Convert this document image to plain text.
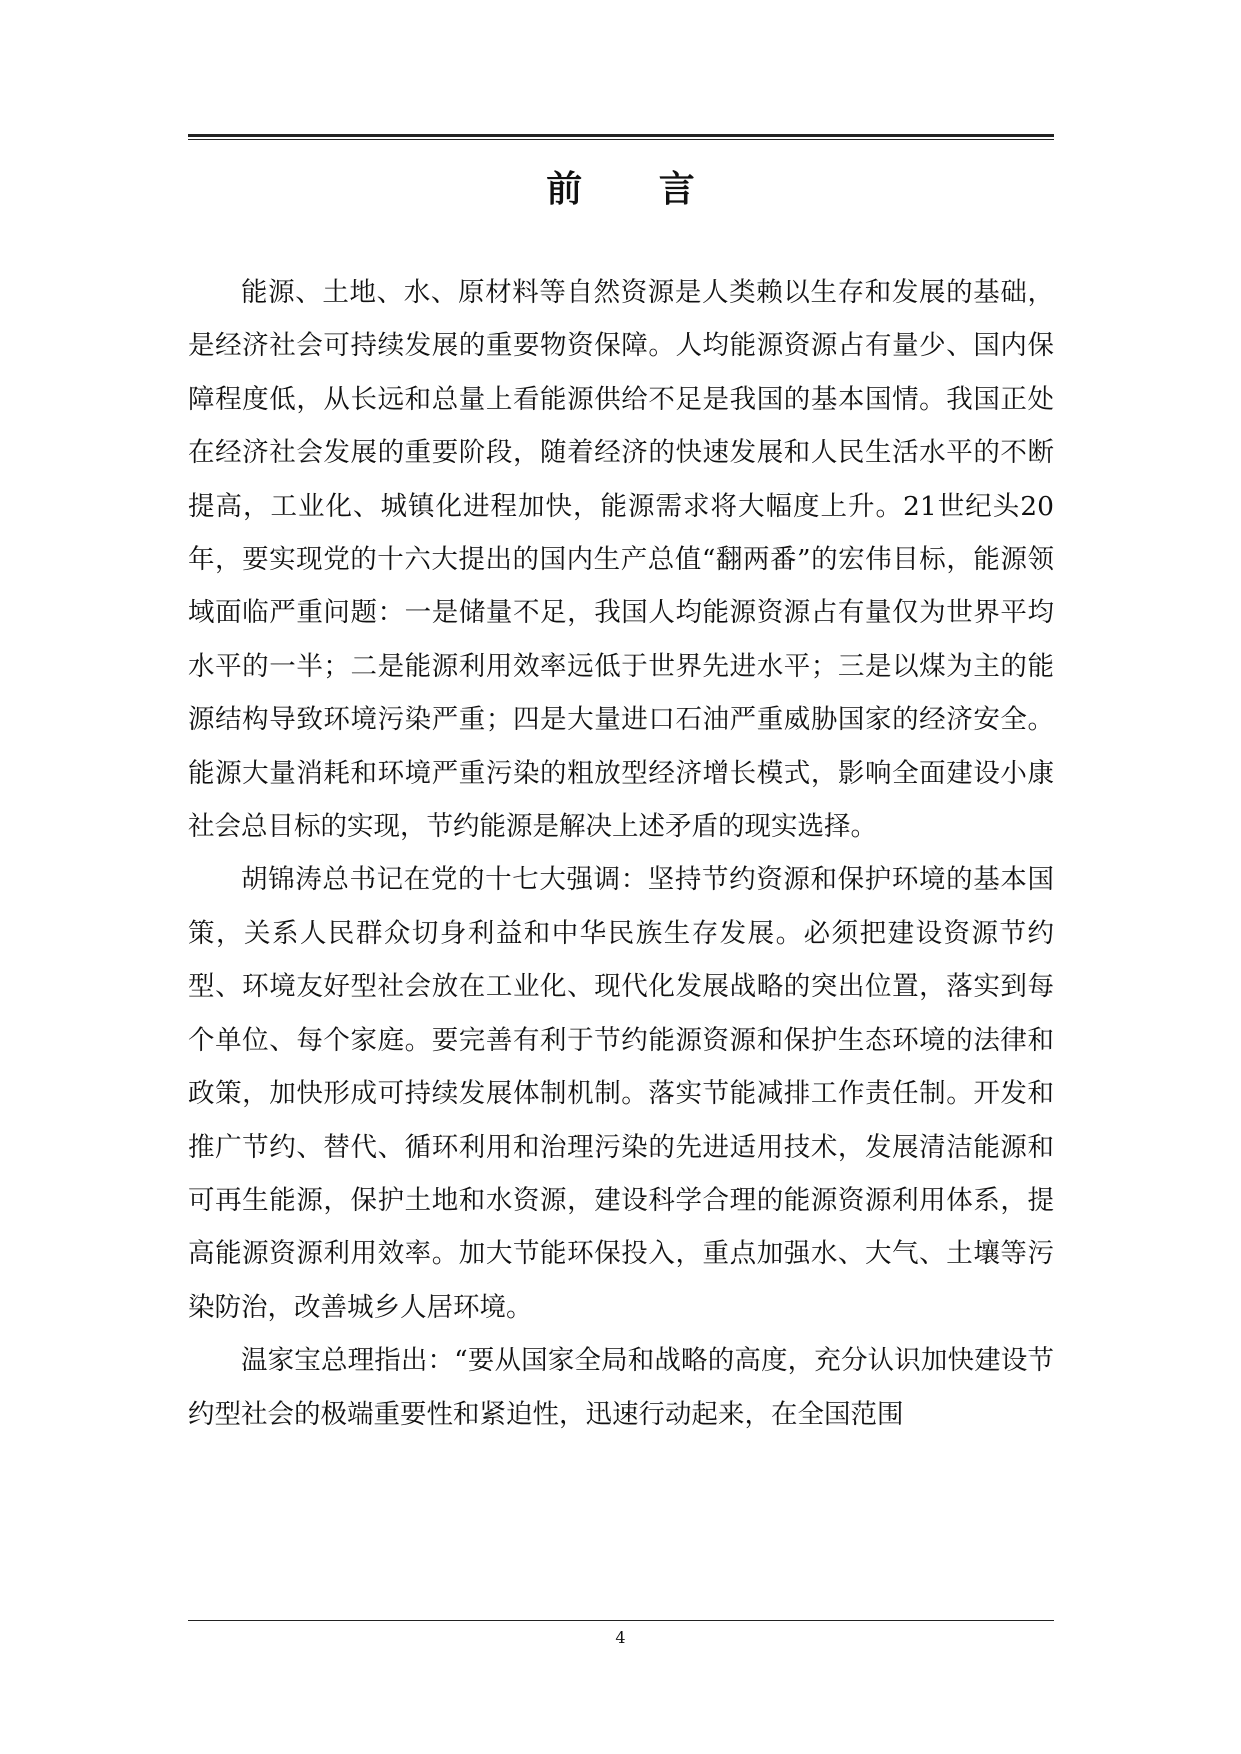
前 言

能源、土地、水、原材料等自然资源是人类赖以生存和发展的基础，是经济社会可持续发展的重要物资保障。人均能源资源占有量少、国内保障程度低，从长远和总量上看能源供给不足是我国的基本国情。我国正处在经济社会发展的重要阶段，随着经济的快速发展和人民生活水平的不断提高，工业化、城镇化进程加快，能源需求将大幅度上升。21世纪头20年，要实现党的十六大提出的国内生产总值“翻两番”的宏伟目标，能源领域面临严重问题：一是储量不足，我国人均能源资源占有量仅为世界平均水平的一半；二是能源利用效率远低于世界先进水平；三是以煤为主的能源结构导致环境污染严重；四是大量进口石油严重威胁国家的经济安全。能源大量消耗和环境严重污染的粗放型经济增长模式，影响全面建设小康社会总目标的实现，节约能源是解决上述矛盾的现实选择。

胡锦涛总书记在党的十七大强调：坚持节约资源和保护环境的基本国策，关系人民群众切身利益和中华民族生存发展。必须把建设资源节约型、环境友好型社会放在工业化、现代化发展战略的突出位置，落实到每个单位、每个家庭。要完善有利于节约能源资源和保护生态环境的法律和政策，加快形成可持续发展体制机制。落实节能减排工作责任制。开发和推广节约、替代、循环利用和治理污染的先进适用技术，发展清洁能源和可再生能源，保护土地和水资源，建设科学合理的能源资源利用体系，提高能源资源利用效率。加大节能环保投入，重点加强水、大气、土壤等污染防治，改善城乡人居环境。

温家宝总理指出：“要从国家全局和战略的高度，充分认识加快建设节约型社会的极端重要性和紧迫性，迅速行动起来，在全国范围

4
